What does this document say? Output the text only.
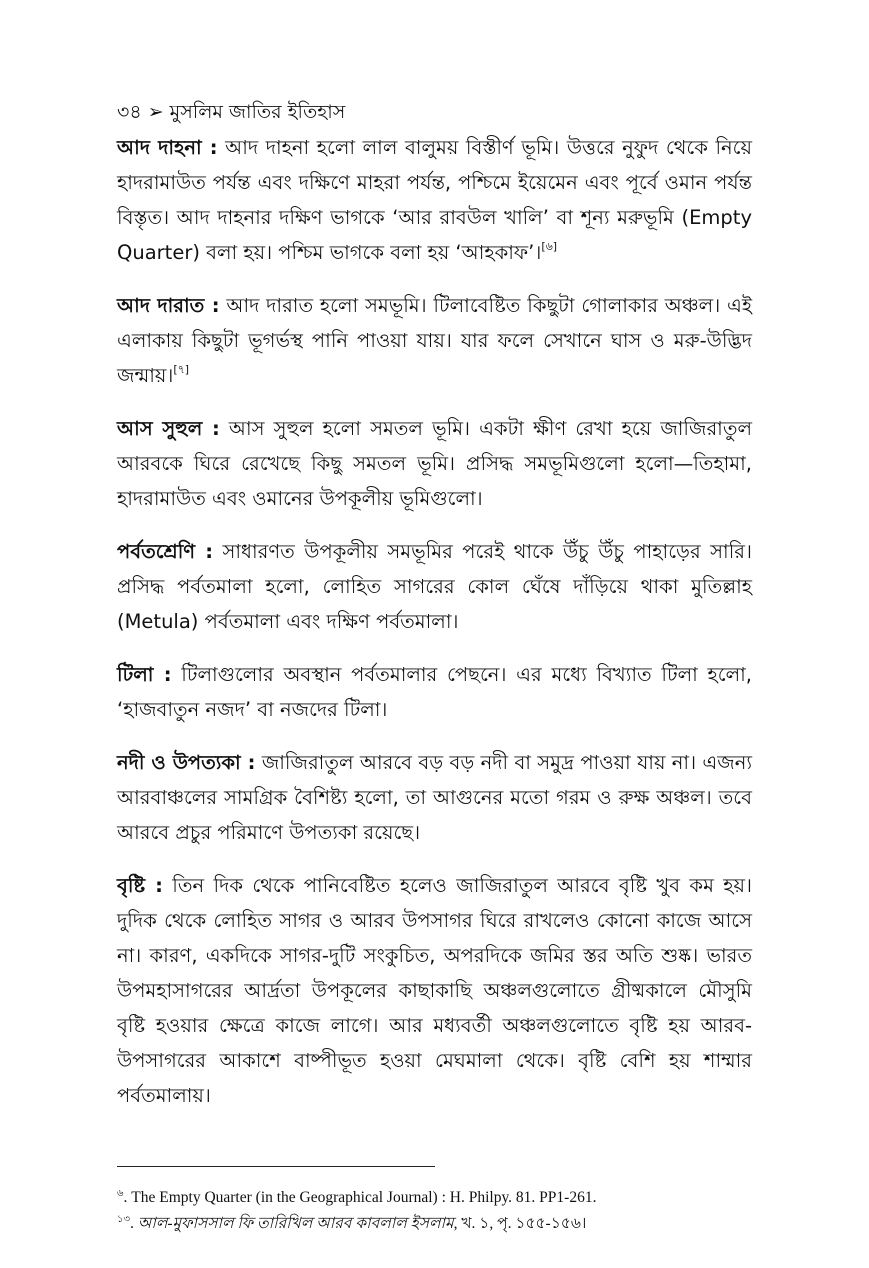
৩৪ ➢ মুসলিম জাতির ইতিহাস

আদ দাহনা : আদ দাহনা হলো লাল বালুময় বিস্তীর্ণ ভূমি। উত্তরে নুফুদ থেকে নিয়ে হাদরামাউত পর্যন্ত এবং দক্ষিণে মাহরা পর্যন্ত, পশ্চিমে ইয়েমেন এবং পূর্বে ওমান পর্যন্ত বিস্তৃত। আদ দাহনার দক্ষিণ ভাগকে ‘আর রাবউল খালি’ বা শূন্য মরুভূমি (Empty Quarter) বলা হয়। পশ্চিম ভাগকে বলা হয় ‘আহকাফ’।[৬]

আদ দারাত : আদ দারাত হলো সমভূমি। টিলাবেষ্টিত কিছুটা গোলাকার অঞ্চল। এই এলাকায় কিছুটা ভূগর্ভস্থ পানি পাওয়া যায়। যার ফলে সেখানে ঘাস ও মরু-উদ্ভিদ জন্মায়।[৭]

আস সুহুল : আস সুহুল হলো সমতল ভূমি। একটা ক্ষীণ রেখা হয়ে জাজিরাতুল আরবকে ঘিরে রেখেছে কিছু সমতল ভূমি। প্রসিদ্ধ সমভূমিগুলো হলো—তিহামা, হাদরামাউত এবং ওমানের উপকূলীয় ভূমিগুলো।

পর্বতশ্রেণি : সাধারণত উপকূলীয় সমভূমির পরেই থাকে উঁচু উঁচু পাহাড়ের সারি। প্রসিদ্ধ পর্বতমালা হলো, লোহিত সাগরের কোল ঘেঁষে দাঁড়িয়ে থাকা মুতিল্লাহ (Metula) পর্বতমালা এবং দক্ষিণ পর্বতমালা।

টিলা : টিলাগুলোর অবস্থান পর্বতমালার পেছনে। এর মধ্যে বিখ্যাত টিলা হলো, ‘হাজবাতুন নজদ’ বা নজদের টিলা।

নদী ও উপত্যকা : জাজিরাতুল আরবে বড় বড় নদী বা সমুদ্র পাওয়া যায় না। এজন্য আরবাঞ্চলের সামগ্রিক বৈশিষ্ট্য হলো, তা আগুনের মতো গরম ও রুক্ষ অঞ্চল। তবে আরবে প্রচুর পরিমাণে উপত্যকা রয়েছে।

বৃষ্টি : তিন দিক থেকে পানিবেষ্টিত হলেও জাজিরাতুল আরবে বৃষ্টি খুব কম হয়। দুদিক থেকে লোহিত সাগর ও আরব উপসাগর ঘিরে রাখলেও কোনো কাজে আসে না। কারণ, একদিকে সাগর-দুটি সংকুচিত, অপরদিকে জমির স্তর অতি শুষ্ক। ভারত উপমহাসাগরের আর্দ্রতা উপকূলের কাছাকাছি অঞ্চলগুলোতে গ্রীষ্মকালে মৌসুমি বৃষ্টি হওয়ার ক্ষেত্রে কাজে লাগে। আর মধ্যবর্তী অঞ্চলগুলোতে বৃষ্টি হয় আরব-উপসাগরের আকাশে বাষ্পীভূত হওয়া মেঘমালা থেকে। বৃষ্টি বেশি হয় শাম্মার পর্বতমালায়।

$^৬$. The Empty Quarter (in the Geographical Journal) : H. Philpy. 81. PP1-261.

$^{১৩}$. আল-মুফাসসাল ফি তারিখিল আরব কাবলাল ইসলাম, খ. ১, পৃ. ১৫৫-১৫৬।
